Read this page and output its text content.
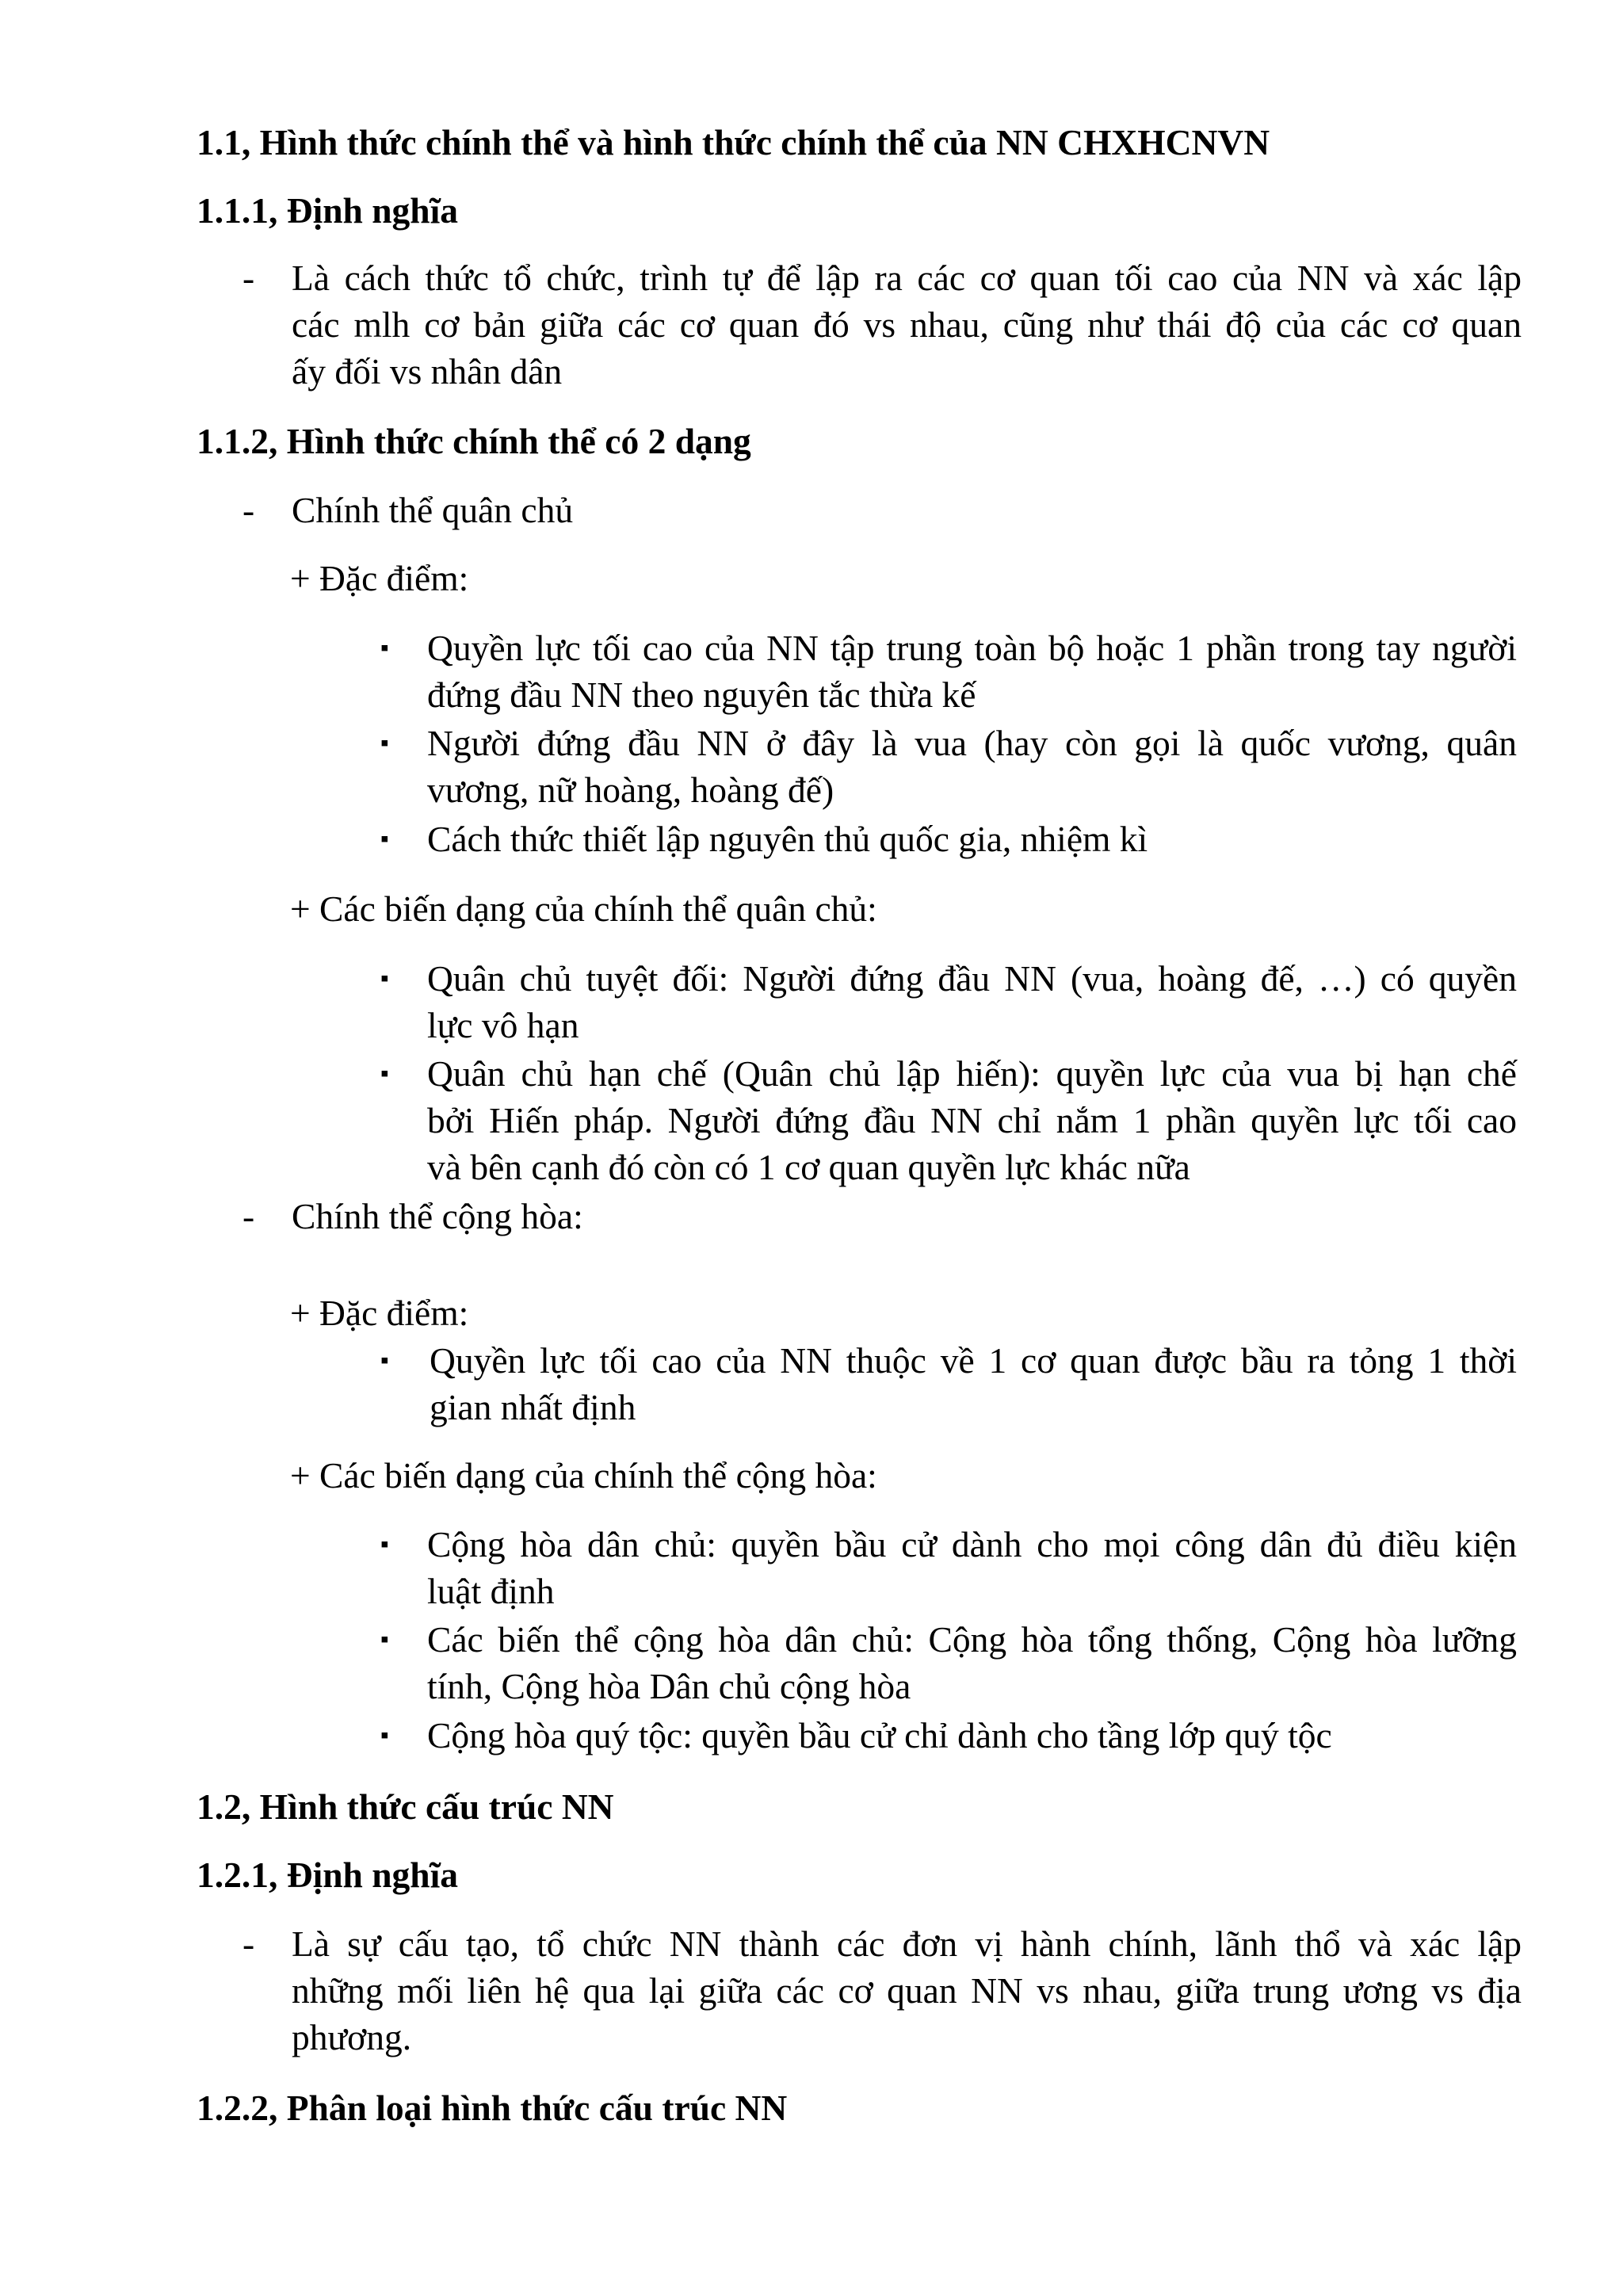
1.1, Hình thức chính thể và hình thức chính thể của NN CHXHCNVN
1.1.1, Định nghĩa
- Là cách thức tổ chức, trình tự để lập ra các cơ quan tối cao của NN và xác lập
các mlh cơ bản giữa các cơ quan đó vs nhau, cũng như thái độ của các cơ quan
ấy đối vs nhân dân
1.1.2, Hình thức chính thể có 2 dạng
- Chính thể quân chủ
+ Đặc điểm:
▪ Quyền lực tối cao của NN tập trung toàn bộ hoặc 1 phần trong tay người
đứng đầu NN theo nguyên tắc thừa kế
▪ Người đứng đầu NN ở đây là vua (hay còn gọi là quốc vương, quân
vương, nữ hoàng, hoàng đế)
▪ Cách thức thiết lập nguyên thủ quốc gia, nhiệm kì
+ Các biến dạng của chính thể quân chủ:
▪ Quân chủ tuyệt đối: Người đứng đầu NN (vua, hoàng đế, …) có quyền
lực vô hạn
▪ Quân chủ hạn chế (Quân chủ lập hiến): quyền lực của vua bị hạn chế
bởi Hiến pháp. Người đứng đầu NN chỉ nắm 1 phần quyền lực tối cao
và bên cạnh đó còn có 1 cơ quan quyền lực khác nữa
- Chính thể cộng hòa:
+ Đặc điểm:
▪ Quyền lực tối cao của NN thuộc về 1 cơ quan được bầu ra tỏng 1 thời
gian nhất định
+ Các biến dạng của chính thể cộng hòa:
▪ Cộng hòa dân chủ: quyền bầu cử dành cho mọi công dân đủ điều kiện
luật định
▪ Các biến thể cộng hòa dân chủ: Cộng hòa tổng thống, Cộng hòa lưỡng
tính, Cộng hòa Dân chủ cộng hòa
▪ Cộng hòa quý tộc: quyền bầu cử chỉ dành cho tầng lớp quý tộc
1.2, Hình thức cấu trúc NN
1.2.1, Định nghĩa
- Là sự cấu tạo, tổ chức NN thành các đơn vị hành chính, lãnh thổ và xác lập
những mối liên hệ qua lại giữa các cơ quan NN vs nhau, giữa trung ương vs địa
phương.
1.2.2, Phân loại hình thức cấu trúc NN
